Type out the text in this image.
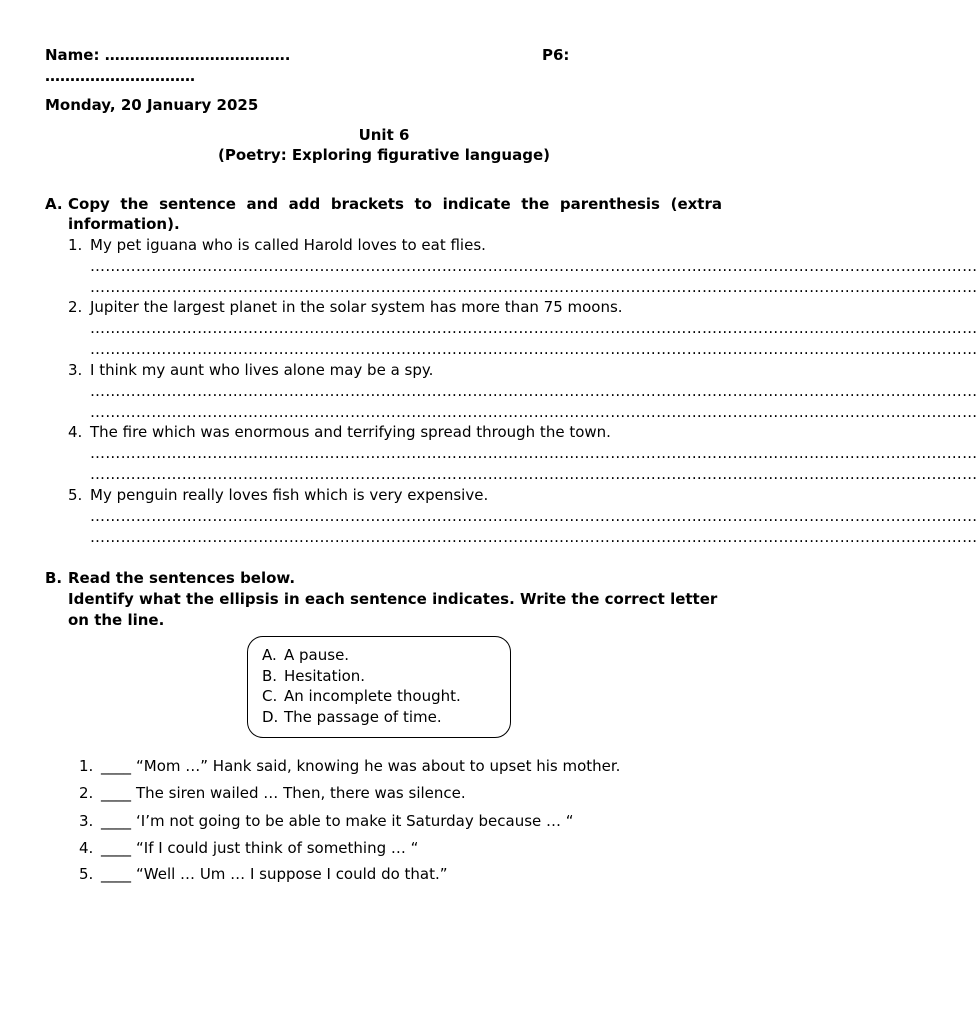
Name: ……………………………….	P6:
…………………………
Monday, 20 January 2025
Unit 6
(Poetry: Exploring figurative language)
A. Copy the sentence and add brackets to indicate the parenthesis (extra
information).
1. My pet iguana who is called Harold loves to eat flies.
…………………………………………………………………………………………………………………………………………………………
…………………………………………………………………………………………………………………………………………………………
2. Jupiter the largest planet in the solar system has more than 75 moons.
…………………………………………………………………………………………………………………………………………………………
…………………………………………………………………………………………………………………………………………………………
3. I think my aunt who lives alone may be a spy.
…………………………………………………………………………………………………………………………………………………………
…………………………………………………………………………………………………………………………………………………………
4. The fire which was enormous and terrifying spread through the town.
…………………………………………………………………………………………………………………………………………………………
…………………………………………………………………………………………………………………………………………………………
5. My penguin really loves fish which is very expensive.
…………………………………………………………………………………………………………………………………………………………
…………………………………………………………………………………………………………………………………………………………
B. Read the sentences below.
Identify what the ellipsis in each sentence indicates. Write the correct letter
on the line.
A. A pause.
B. Hesitation.
C. An incomplete thought.
D. The passage of time.
1. ____ “Mom …” Hank said, knowing he was about to upset his mother.
2. ____ The siren wailed … Then, there was silence.
3. ____ ‘I’m not going to be able to make it Saturday because … “
4. ____ “If I could just think of something … “
5. ____ “Well … Um … I suppose I could do that.”
